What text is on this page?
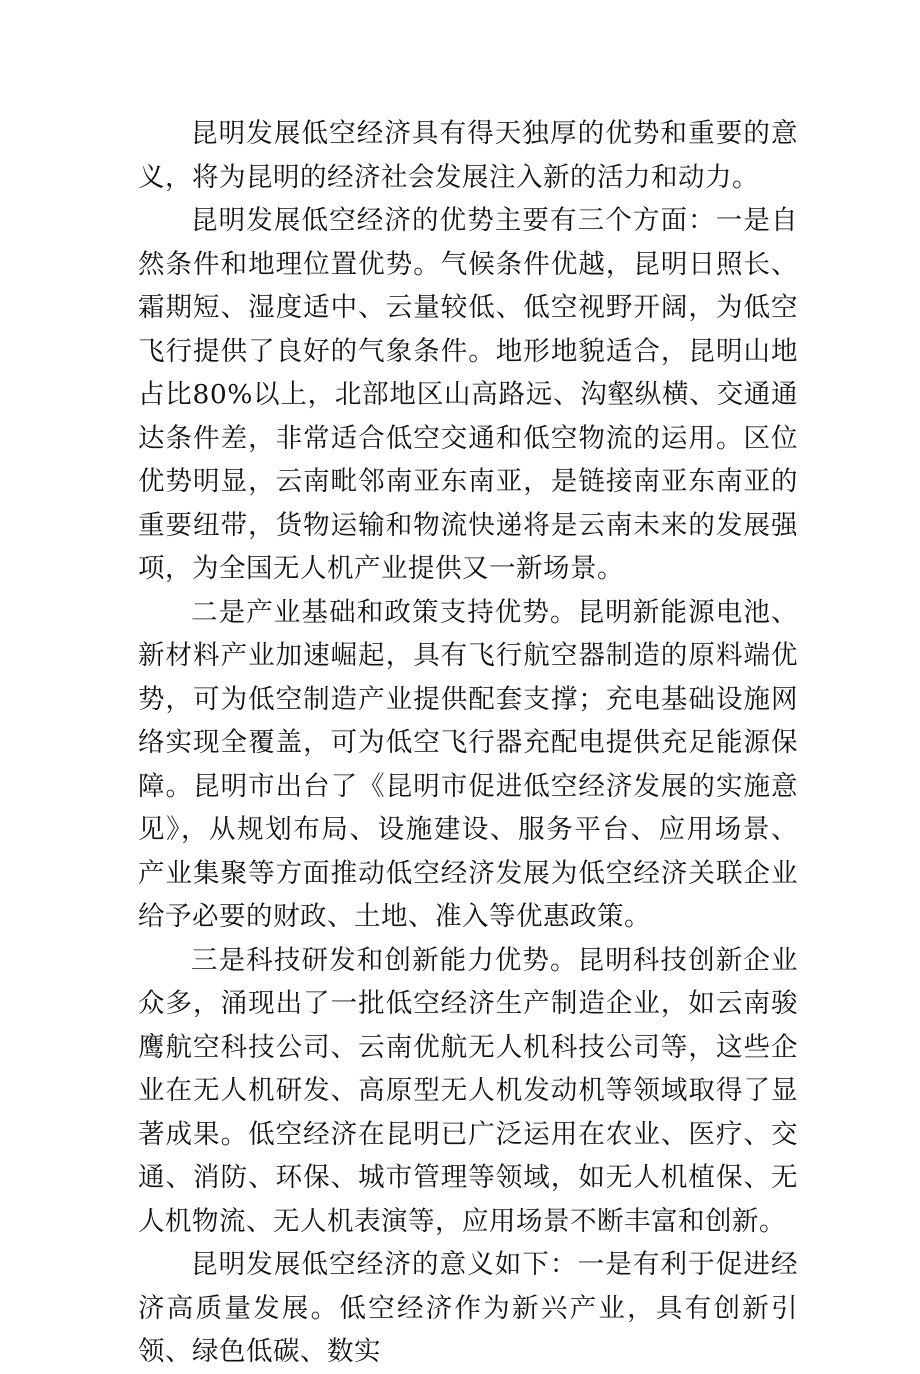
昆明发展低空经济具有得天独厚的优势和重要的意义，将为昆明的经济社会发展注入新的活力和动力。

昆明发展低空经济的优势主要有三个方面：一是自然条件和地理位置优势。气候条件优越，昆明日照长、霜期短、湿度适中、云量较低、低空视野开阔，为低空飞行提供了良好的气象条件。地形地貌适合，昆明山地占比80%以上，北部地区山高路远、沟壑纵横、交通通达条件差，非常适合低空交通和低空物流的运用。区位优势明显，云南毗邻南亚东南亚，是链接南亚东南亚的重要纽带，货物运输和物流快递将是云南未来的发展强项，为全国无人机产业提供又一新场景。

二是产业基础和政策支持优势。昆明新能源电池、新材料产业加速崛起，具有飞行航空器制造的原料端优势，可为低空制造产业提供配套支撑；充电基础设施网络实现全覆盖，可为低空飞行器充配电提供充足能源保障。昆明市出台了《昆明市促进低空经济发展的实施意见》，从规划布局、设施建设、服务平台、应用场景、产业集聚等方面推动低空经济发展为低空经济关联企业给予必要的财政、土地、准入等优惠政策。

三是科技研发和创新能力优势。昆明科技创新企业众多，涌现出了一批低空经济生产制造企业，如云南骏鹰航空科技公司、云南优航无人机科技公司等，这些企业在无人机研发、高原型无人机发动机等领域取得了显著成果。低空经济在昆明已广泛运用在农业、医疗、交通、消防、环保、城市管理等领域，如无人机植保、无人机物流、无人机表演等，应用场景不断丰富和创新。

昆明发展低空经济的意义如下：一是有利于促进经济高质量发展。低空经济作为新兴产业，具有创新引领、绿色低碳、数实
